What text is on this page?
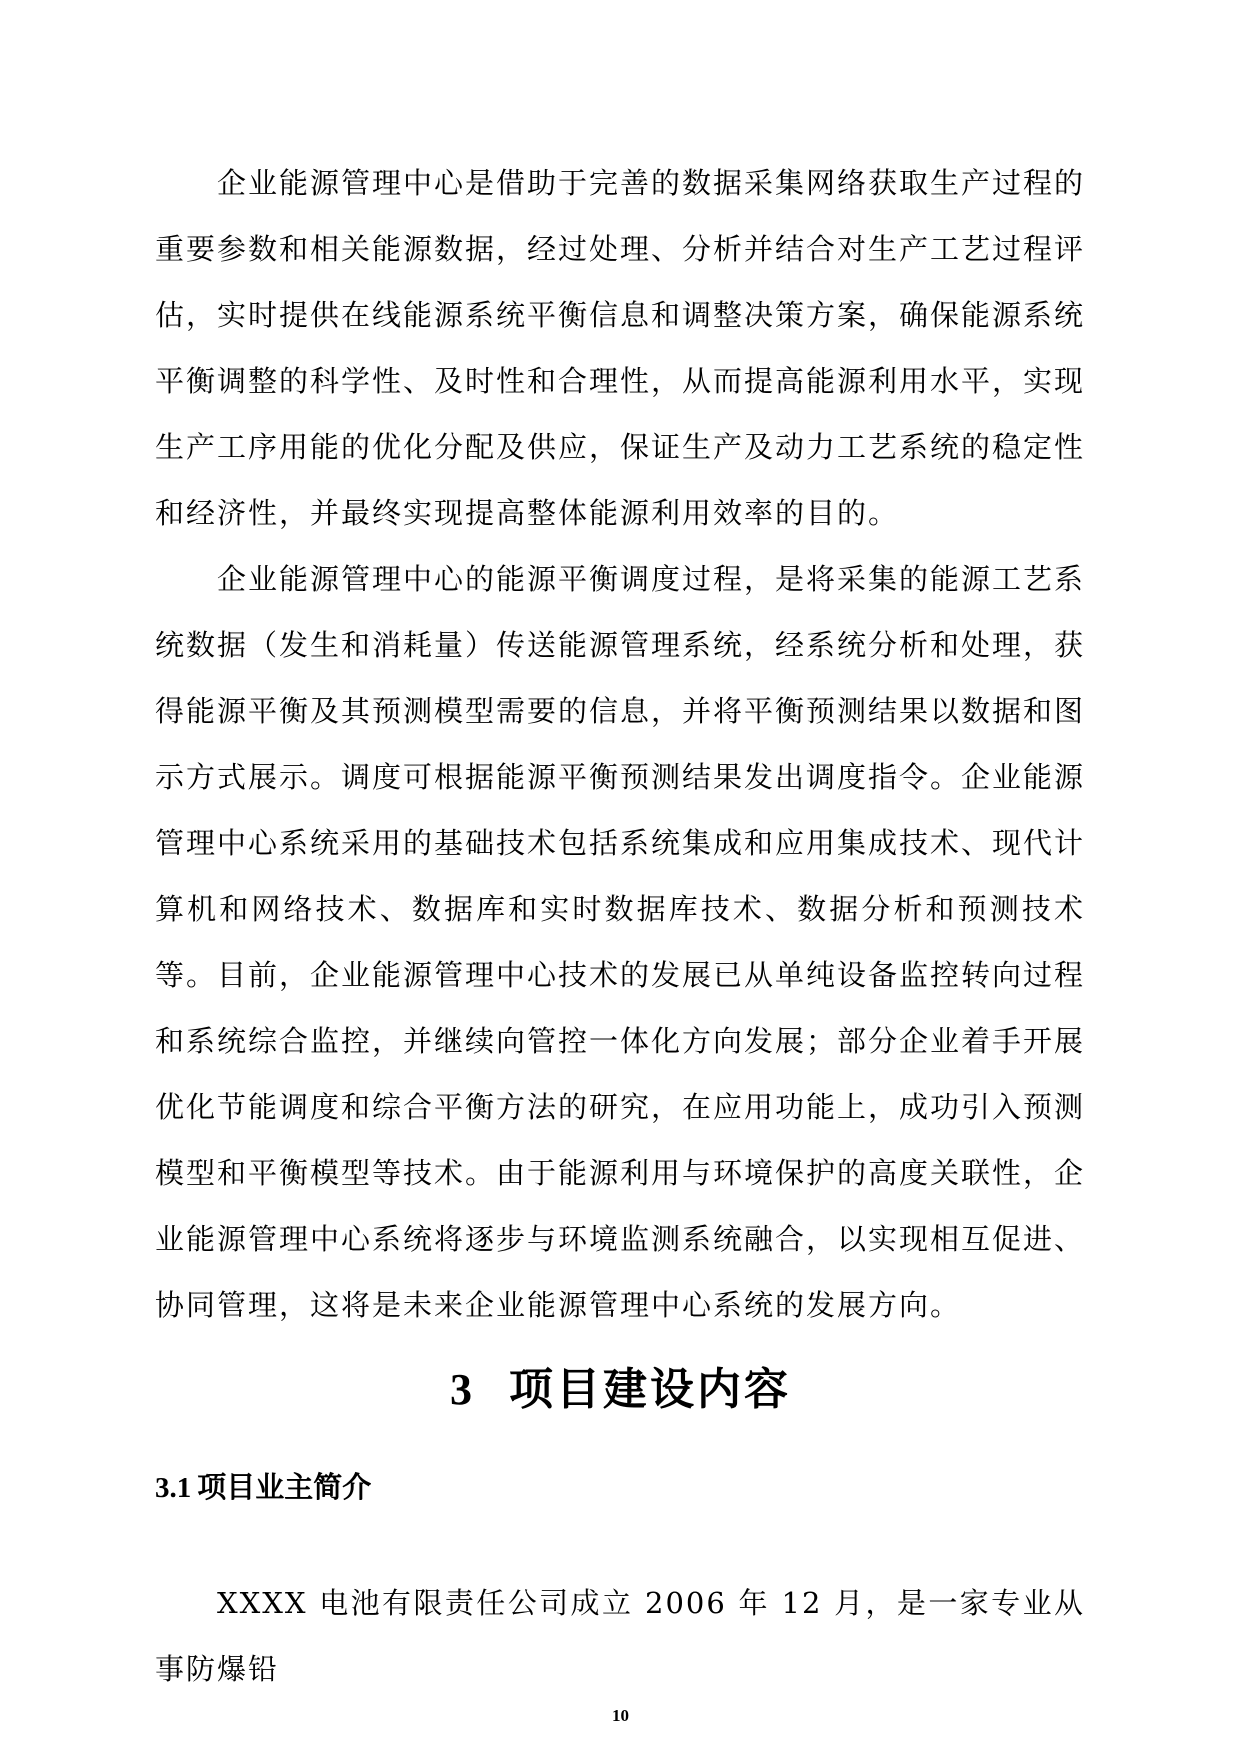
企业能源管理中心是借助于完善的数据采集网络获取生产过程的重要参数和相关能源数据，经过处理、分析并结合对生产工艺过程评估，实时提供在线能源系统平衡信息和调整决策方案，确保能源系统平衡调整的科学性、及时性和合理性，从而提高能源利用水平，实现生产工序用能的优化分配及供应，保证生产及动力工艺系统的稳定性和经济性，并最终实现提高整体能源利用效率的目的。

企业能源管理中心的能源平衡调度过程，是将采集的能源工艺系统数据（发生和消耗量）传送能源管理系统，经系统分析和处理，获得能源平衡及其预测模型需要的信息，并将平衡预测结果以数据和图示方式展示。调度可根据能源平衡预测结果发出调度指令。企业能源管理中心系统采用的基础技术包括系统集成和应用集成技术、现代计算机和网络技术、数据库和实时数据库技术、数据分析和预测技术等。 目前，企业能源管理中心技术的发展已从单纯设备监控转向过程和系统综合监控，并继续向管控一体化方向发展；部分企业着手开展优化节能调度和综合平衡方法的研究，在应用功能上，成功引入预测模型和平衡模型等技术。由于能源利用与环境保护的高度关联性，企业能源管理中心系统将逐步与环境监测系统融合，以实现相互促进、协同管理，这将是未来企业能源管理中心系统的发展方向。

3 项目建设内容
3.1 项目业主简介

XXXX 电池有限责任公司成立 2006 年 12 月，是一家专业从事防爆铅

10
